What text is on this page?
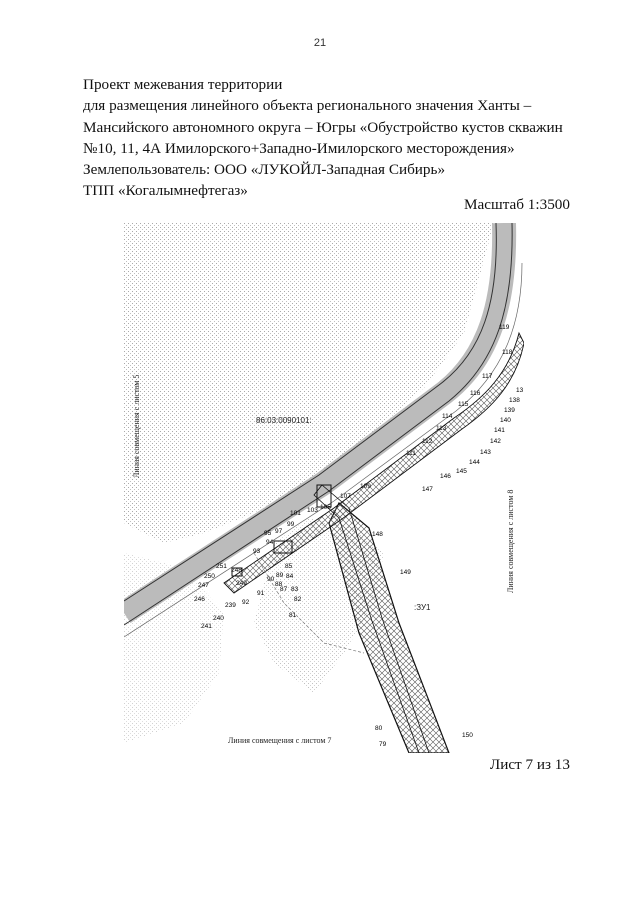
21
Проект межевания территории
для размещения линейного объекта регионального значения Ханты –
Мансийского автономного округа – Югры «Обустройство кустов скважин
№10, 11, 4А Имилорского+Западно-Имилорского месторождения»
Землепользователь: ООО «ЛУКОЙЛ-Западная Сибирь»
ТПП «Когалымнефтегаз»
Масштаб 1:3500
86:03:0090101:
:ЗУ1
Линия совмещения с листом 5
Линия совмещения с листом 8
Линия совмещения с листом 7
119
118
117
116
115
114
113
112
111
13
138
139
140
141
142
143
144
145
146
147
109
107
105
103
101
99
97
95
94
93
148
149
251
250
248
247
246
249
239
240
241
92
91
90
89
88
85
84
83
82
81
87
80
79
150
Лист 7 из 13
